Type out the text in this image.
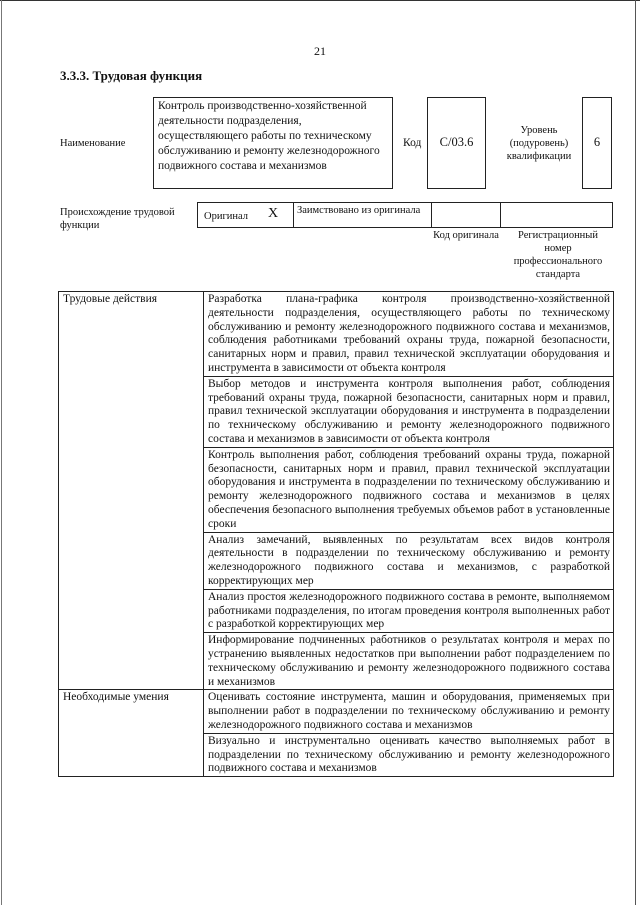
21
3.3.3. Трудовая функция
Наименование
Контроль производственно-хозяйственной деятельности подразделения, осуществляющего работы по техническому обслуживанию и ремонту железнодорожного подвижного состава и механизмов
Код	С/03.6
Уровень (подуровень) квалификации
6
Происхождение трудовой функции
Оригинал X Заимствовано из оригинала
Код оригинала	Регистрационный номер профессионального стандарта
Трудовые действия	Разработка плана-графика контроля производственно-хозяйственной деятельности подразделения, осуществляющего работы по техническому обслуживанию и ремонту железнодорожного подвижного состава и механизмов, соблюдения работниками требований охраны труда, пожарной безопасности, санитарных норм и правил, правил технической эксплуатации оборудования и инструмента в зависимости от объекта контроля
	Выбор методов и инструмента контроля выполнения работ, соблюдения требований охраны труда, пожарной безопасности, санитарных норм и правил, правил технической эксплуатации оборудования и инструмента в подразделении по техническому обслуживанию и ремонту железнодорожного подвижного состава и механизмов в зависимости от объекта контроля
	Контроль выполнения работ, соблюдения требований охраны труда, пожарной безопасности, санитарных норм и правил, правил технической эксплуатации оборудования и инструмента в подразделении по техническому обслуживанию и ремонту железнодорожного подвижного состава и механизмов в целях обеспечения безопасного выполнения требуемых объемов работ в установленные сроки
	Анализ замечаний, выявленных по результатам всех видов контроля деятельности в подразделении по техническому обслуживанию и ремонту железнодорожного подвижного состава и механизмов, с разработкой корректирующих мер
	Анализ простоя железнодорожного подвижного состава в ремонте, выполняемом работниками подразделения, по итогам проведения контроля выполненных работ с разработкой корректирующих мер
	Информирование подчиненных работников о результатах контроля и мерах по устранению выявленных недостатков при выполнении работ подразделением по техническому обслуживанию и ремонту железнодорожного подвижного состава и механизмов
Необходимые умения	Оценивать состояние инструмента, машин и оборудования, применяемых при выполнении работ в подразделении по техническому обслуживанию и ремонту железнодорожного подвижного состава и механизмов
	Визуально и инструментально оценивать качество выполняемых работ в подразделении по техническому обслуживанию и ремонту железнодорожного подвижного состава и механизмов
